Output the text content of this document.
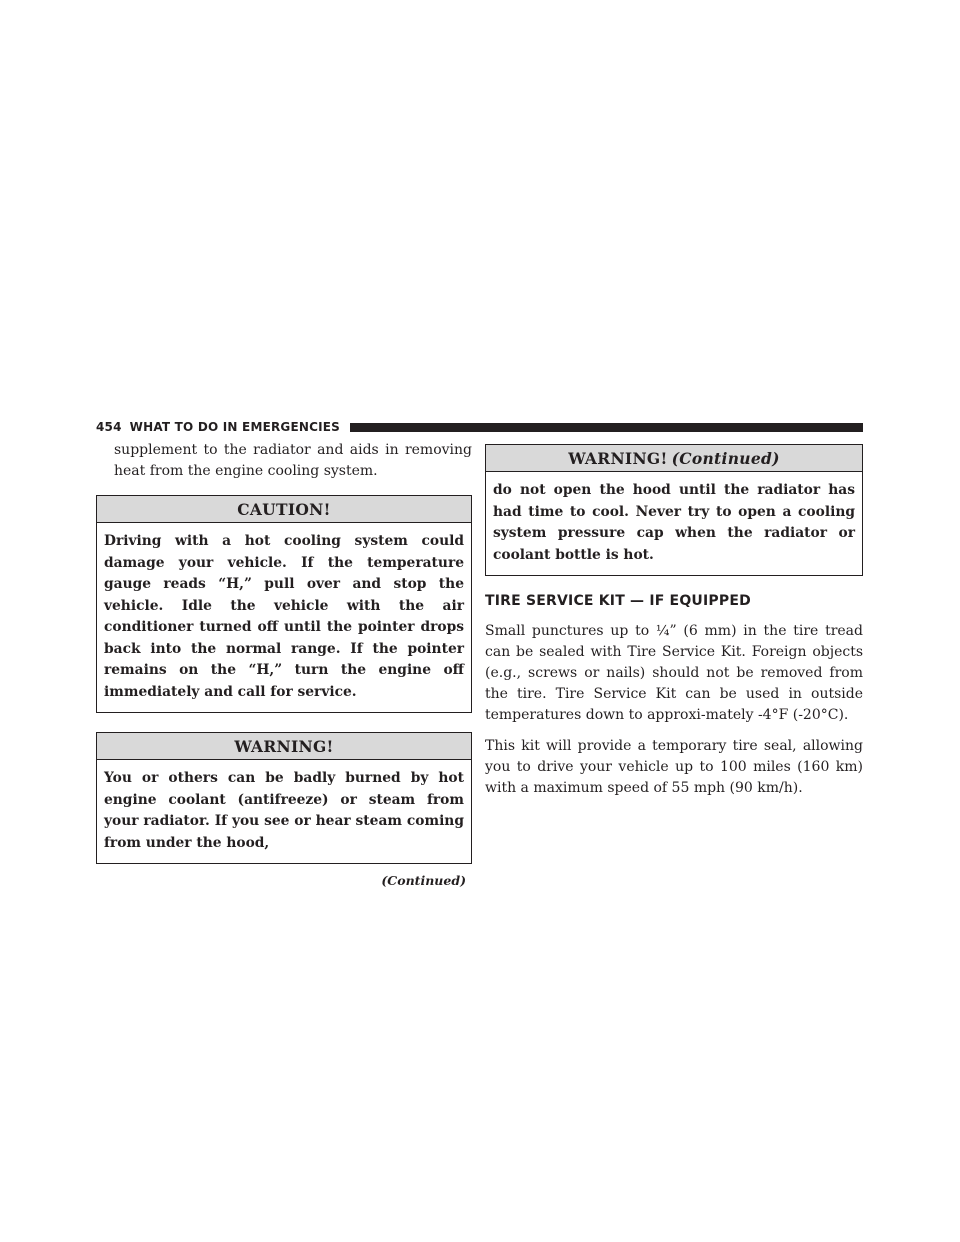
454 WHAT TO DO IN EMERGENCIES

supplement to the radiator and aids in removing heat from the engine cooling system.

CAUTION!
Driving with a hot cooling system could damage your vehicle. If the temperature gauge reads “H,” pull over and stop the vehicle. Idle the vehicle with the air conditioner turned off until the pointer drops back into the normal range. If the pointer remains on the “H,” turn the engine off immediately and call for service.
WARNING!
You or others can be badly burned by hot engine coolant (antifreeze) or steam from your radiator. If you see or hear steam coming from under the hood,
(Continued)
WARNING! (Continued)
do not open the hood until the radiator has had time to cool. Never try to open a cooling system pressure cap when the radiator or coolant bottle is hot.
TIRE SERVICE KIT — IF EQUIPPED

Small punctures up to ¼” (6 mm) in the tire tread can be sealed with Tire Service Kit. Foreign objects (e.g., screws or nails) should not be removed from the tire. Tire Service Kit can be used in outside temperatures down to approxi-mately -4°F (-20°C).

This kit will provide a temporary tire seal, allowing you to drive your vehicle up to 100 miles (160 km) with a maximum speed of 55 mph (90 km/h).
